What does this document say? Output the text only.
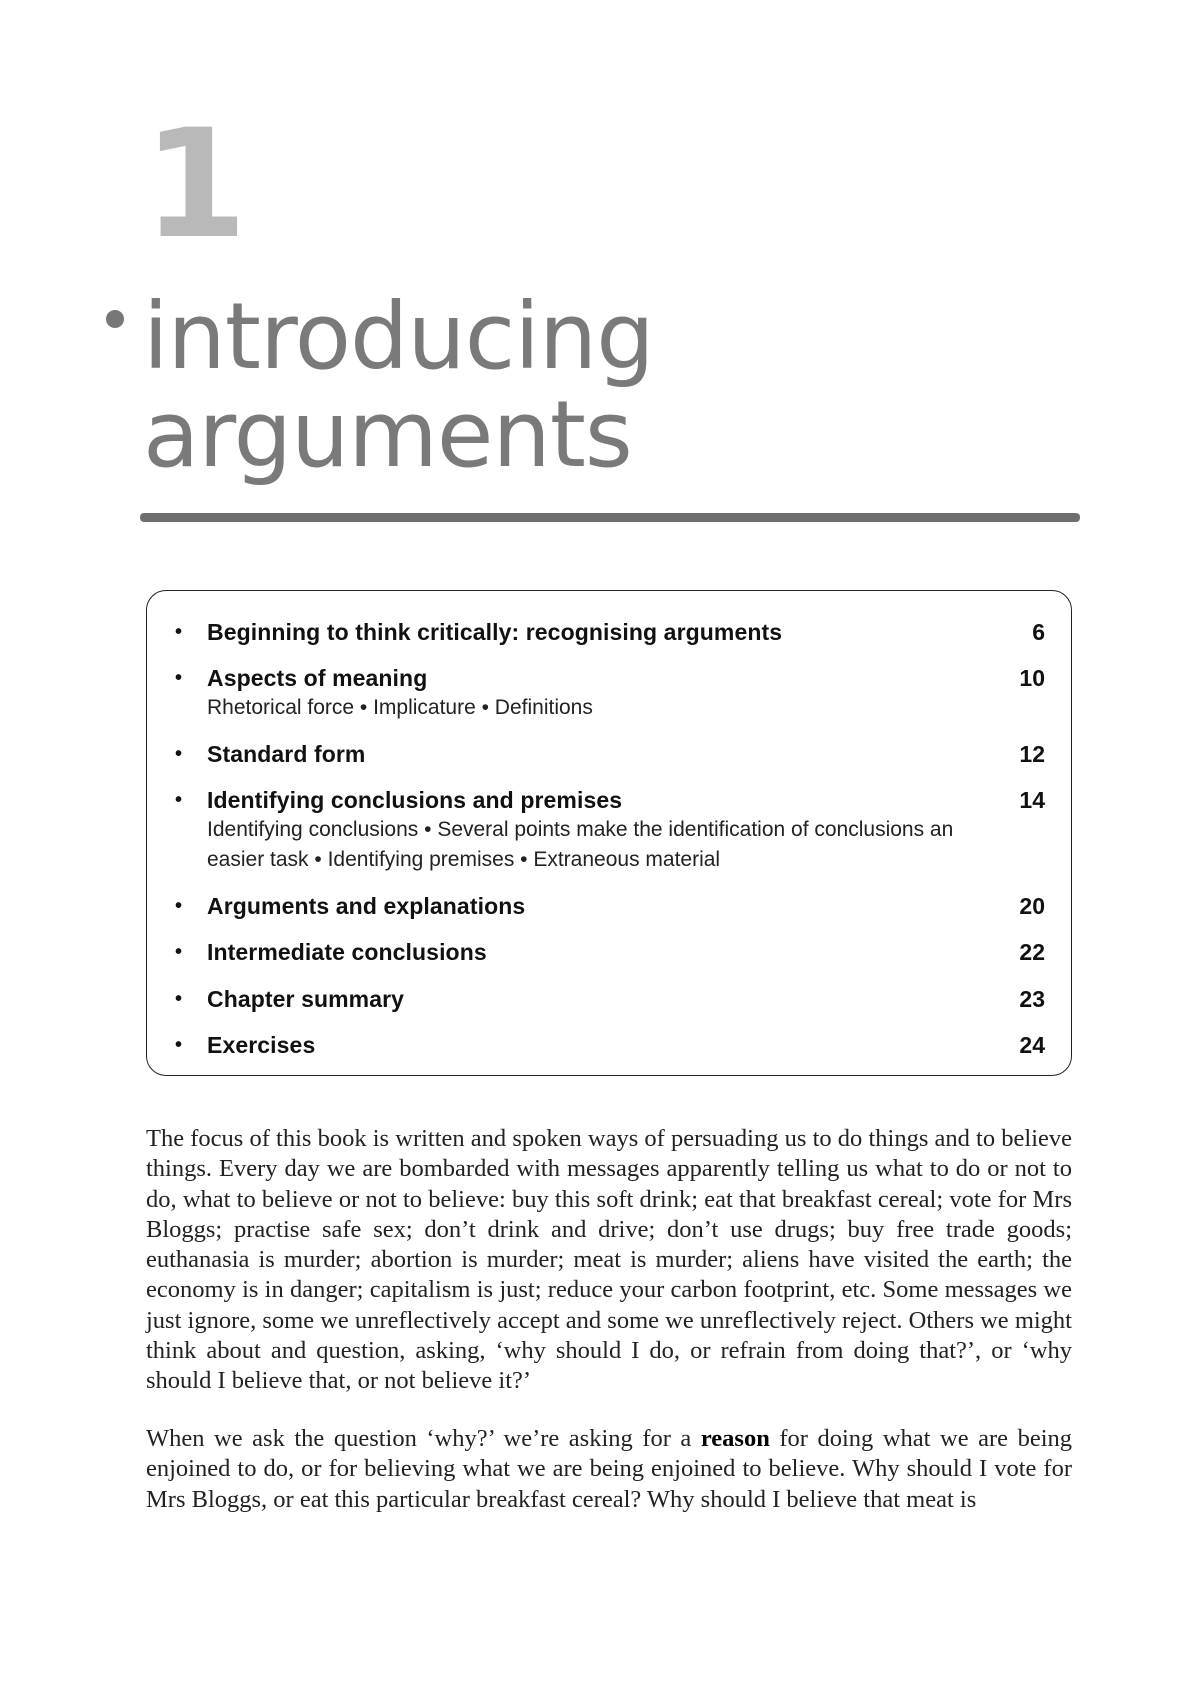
1
introducing
arguments
• Beginning to think critically: recognising arguments	6
• Aspects of meaning	10
Rhetorical force • Implicature • Definitions
• Standard form	12
• Identifying conclusions and premises	14
Identifying conclusions • Several points make the identification of conclusions an easier task • Identifying premises • Extraneous material
• Arguments and explanations	20
• Intermediate conclusions	22
• Chapter summary	23
• Exercises	24

The focus of this book is written and spoken ways of persuading us to do things and to believe things. Every day we are bombarded with messages apparently telling us what to do or not to do, what to believe or not to believe: buy this soft drink; eat that breakfast cereal; vote for Mrs Bloggs; practise safe sex; don’t drink and drive; don’t use drugs; buy free trade goods; euthanasia is murder; abortion is murder; meat is murder; aliens have visited the earth; the economy is in danger; capitalism is just; reduce your carbon footprint, etc. Some messages we just ignore, some we unreflectively accept and some we unreflectively reject. Others we might think about and question, asking, ‘why should I do, or refrain from doing that?’, or ‘why should I believe that, or not believe it?’

When we ask the question ‘why?’ we’re asking for a reason for doing what we are being enjoined to do, or for believing what we are being enjoined to believe. Why should I vote for Mrs Bloggs, or eat this particular breakfast cereal? Why should I believe that meat is
